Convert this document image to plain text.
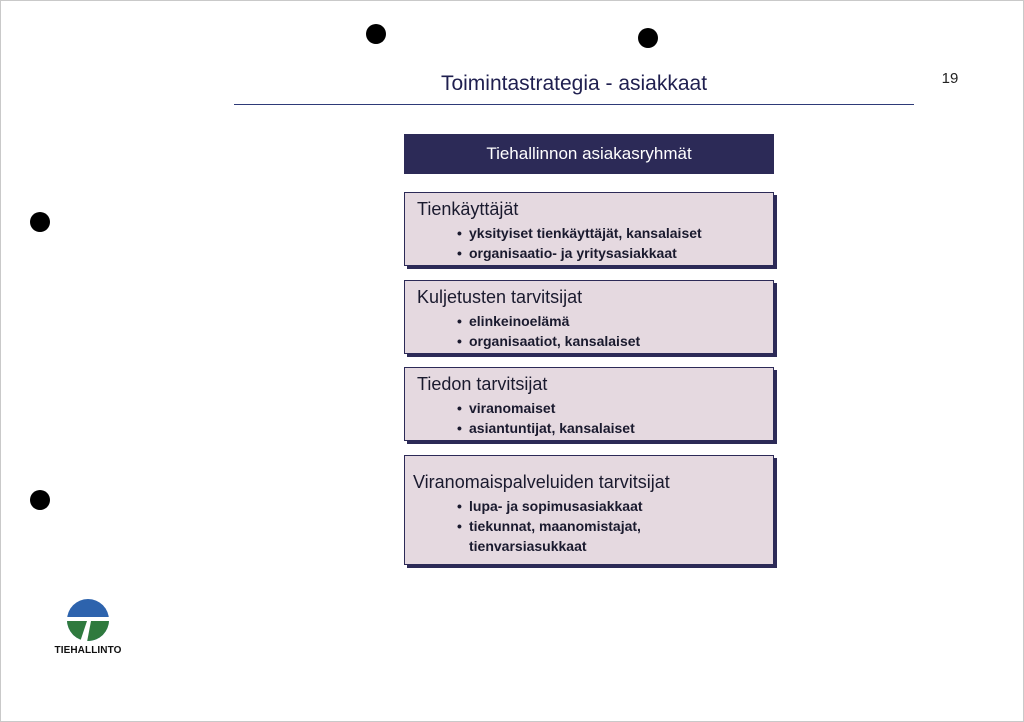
Toimintastrategia - asiakkaat	19
Tiehallinnon asiakasryhmät
Tienkäyttäjät
• yksityiset tienkäyttäjät, kansalaiset
• organisaatio- ja yritysasiakkaat
Kuljetusten tarvitsijat
• elinkeinoelämä
• organisaatiot, kansalaiset
Tiedon tarvitsijat
• viranomaiset
• asiantuntijat, kansalaiset
Viranomaispalveluiden tarvitsijat
• lupa- ja sopimusasiakkaat
• tiekunnat, maanomistajat,
tienvarsiasukkaat
TIEHALLINTO
